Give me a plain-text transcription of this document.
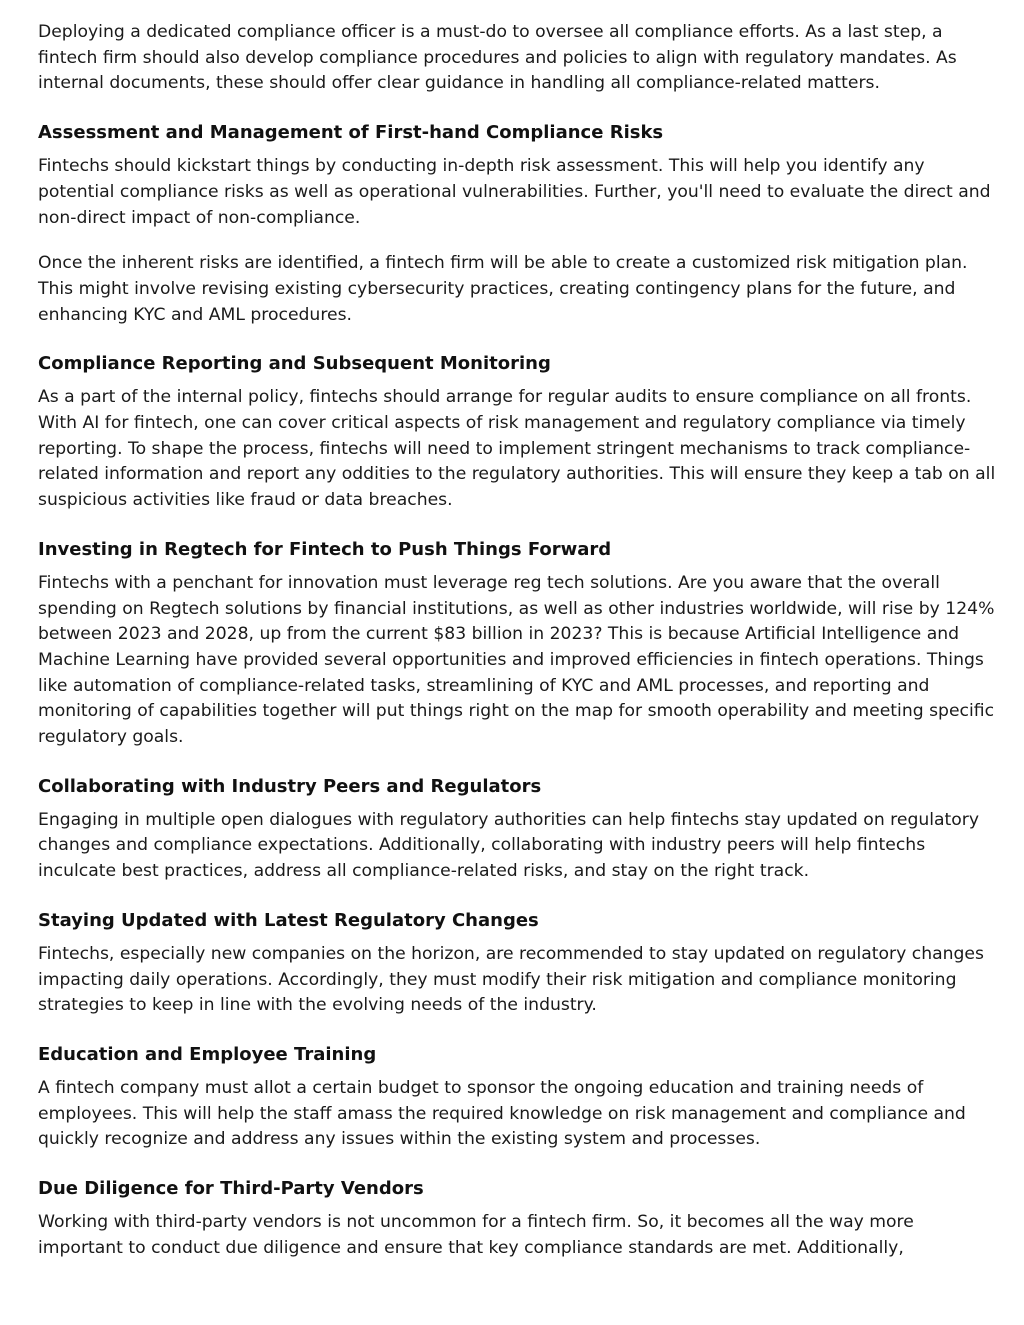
Deploying a dedicated compliance officer is a must-do to oversee all compliance efforts. As a last step, a fintech firm should also develop compliance procedures and policies to align with regulatory mandates. As internal documents, these should offer clear guidance in handling all compliance-related matters.

Assessment and Management of First-hand Compliance Risks

Fintechs should kickstart things by conducting in-depth risk assessment. This will help you identify any potential compliance risks as well as operational vulnerabilities. Further, you'll need to evaluate the direct and non-direct impact of non-compliance.

Once the inherent risks are identified, a fintech firm will be able to create a customized risk mitigation plan. This might involve revising existing cybersecurity practices, creating contingency plans for the future, and enhancing KYC and AML procedures.

Compliance Reporting and Subsequent Monitoring

As a part of the internal policy, fintechs should arrange for regular audits to ensure compliance on all fronts. With AI for fintech, one can cover critical aspects of risk management and regulatory compliance via timely reporting. To shape the process, fintechs will need to implement stringent mechanisms to track compliance-related information and report any oddities to the regulatory authorities. This will ensure they keep a tab on all suspicious activities like fraud or data breaches.

Investing in Regtech for Fintech to Push Things Forward

Fintechs with a penchant for innovation must leverage reg tech solutions. Are you aware that the overall spending on Regtech solutions by financial institutions, as well as other industries worldwide, will rise by 124% between 2023 and 2028, up from the current $83 billion in 2023? This is because Artificial Intelligence and Machine Learning have provided several opportunities and improved efficiencies in fintech operations. Things like automation of compliance-related tasks, streamlining of KYC and AML processes, and reporting and monitoring of capabilities together will put things right on the map for smooth operability and meeting specific regulatory goals.

Collaborating with Industry Peers and Regulators

Engaging in multiple open dialogues with regulatory authorities can help fintechs stay updated on regulatory changes and compliance expectations. Additionally, collaborating with industry peers will help fintechs inculcate best practices, address all compliance-related risks, and stay on the right track.

Staying Updated with Latest Regulatory Changes

Fintechs, especially new companies on the horizon, are recommended to stay updated on regulatory changes impacting daily operations. Accordingly, they must modify their risk mitigation and compliance monitoring strategies to keep in line with the evolving needs of the industry.

Education and Employee Training

A fintech company must allot a certain budget to sponsor the ongoing education and training needs of employees. This will help the staff amass the required knowledge on risk management and compliance and quickly recognize and address any issues within the existing system and processes.

Due Diligence for Third-Party Vendors

Working with third-party vendors is not uncommon for a fintech firm. So, it becomes all the way more important to conduct due diligence and ensure that key compliance standards are met. Additionally,
